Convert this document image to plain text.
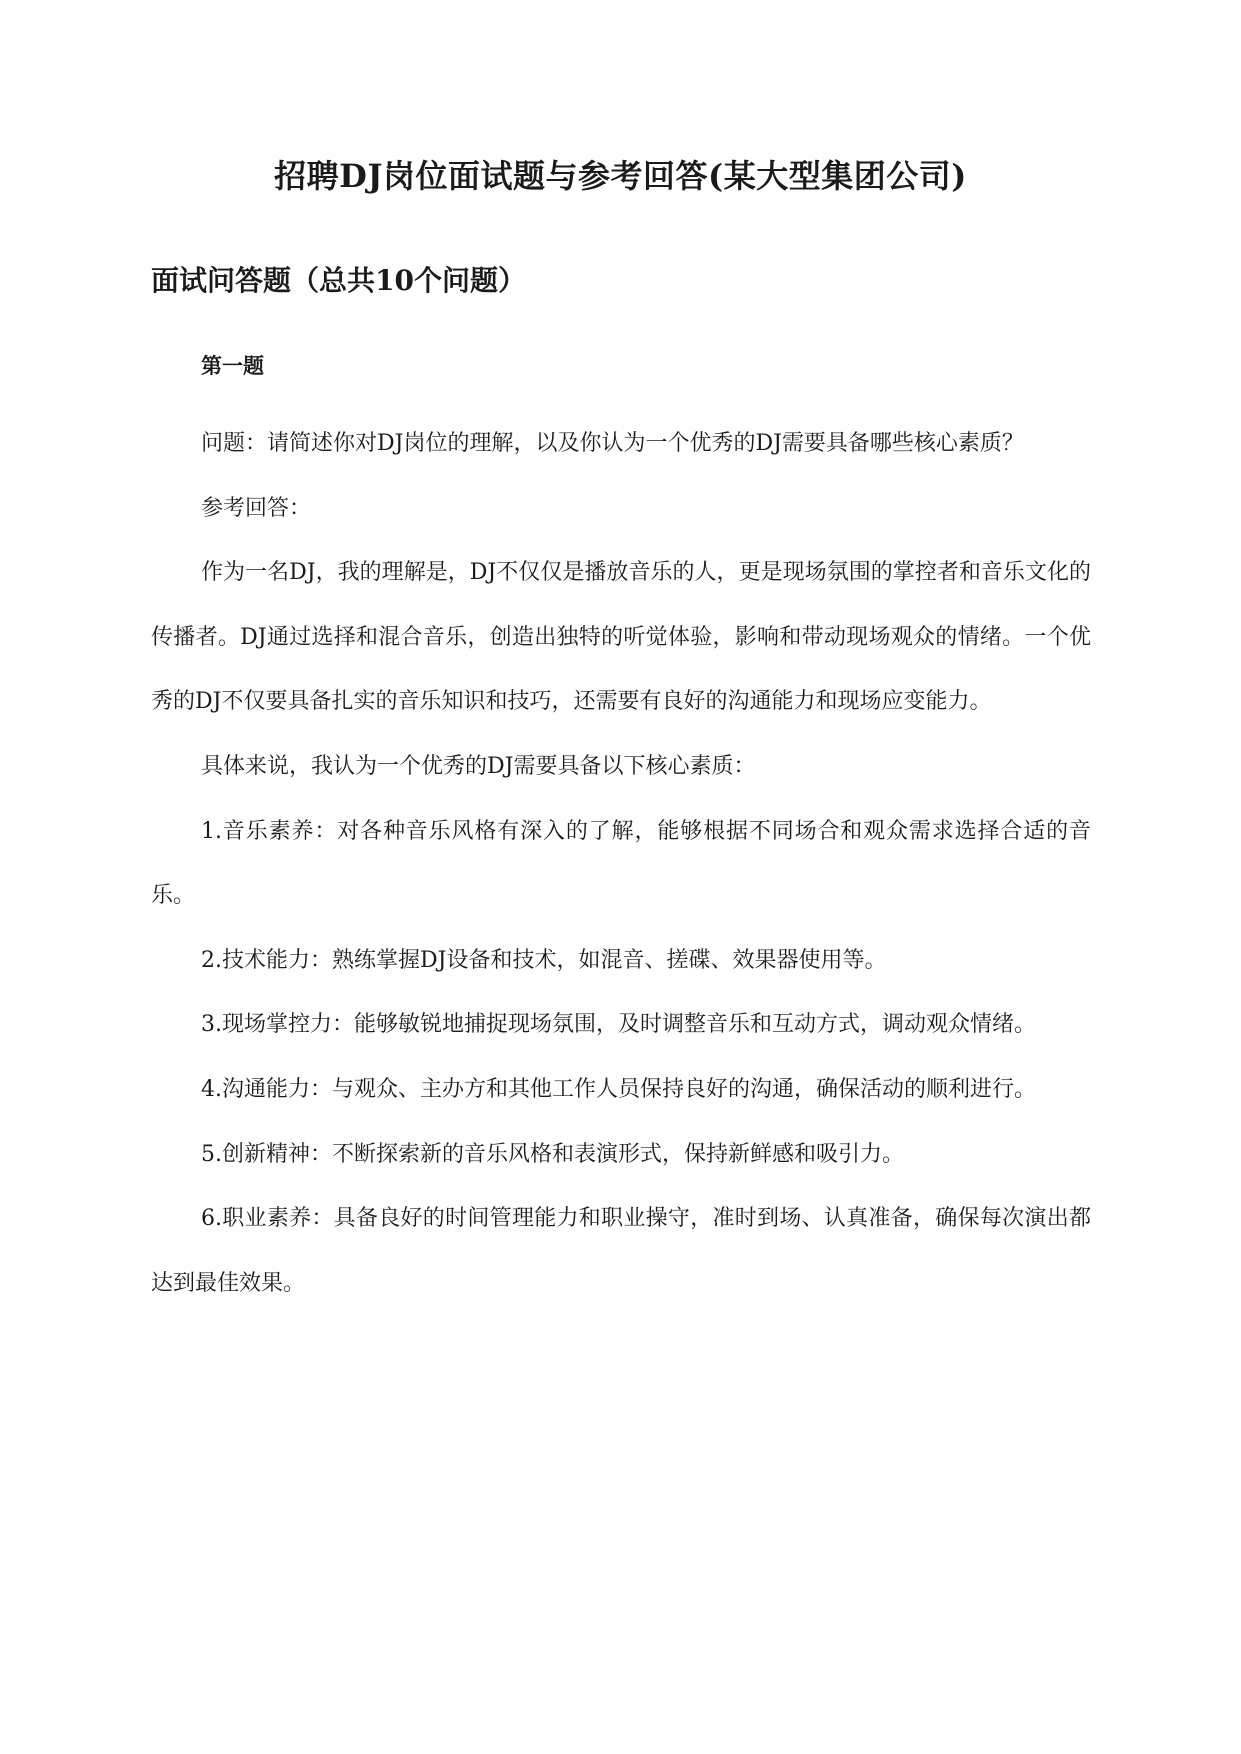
招聘DJ岗位面试题与参考回答(某大型集团公司)
面试问答题（总共10个问题）
第一题

问题：请简述你对DJ岗位的理解，以及你认为一个优秀的DJ需要具备哪些核心素质？

参考回答：

作为一名DJ，我的理解是，DJ不仅仅是播放音乐的人，更是现场氛围的掌控者和音乐文化的传播者。DJ通过选择和混合音乐，创造出独特的听觉体验，影响和带动现场观众的情绪。一个优秀的DJ不仅要具备扎实的音乐知识和技巧，还需要有良好的沟通能力和现场应变能力。

具体来说，我认为一个优秀的DJ需要具备以下核心素质：

1.音乐素养：对各种音乐风格有深入的了解，能够根据不同场合和观众需求选择合适的音乐。

2.技术能力：熟练掌握DJ设备和技术，如混音、搓碟、效果器使用等。

3.现场掌控力：能够敏锐地捕捉现场氛围，及时调整音乐和互动方式，调动观众情绪。

4.沟通能力：与观众、主办方和其他工作人员保持良好的沟通，确保活动的顺利进行。

5.创新精神：不断探索新的音乐风格和表演形式，保持新鲜感和吸引力。

6.职业素养：具备良好的时间管理能力和职业操守，准时到场、认真准备，确保每次演出都达到最佳效果。
